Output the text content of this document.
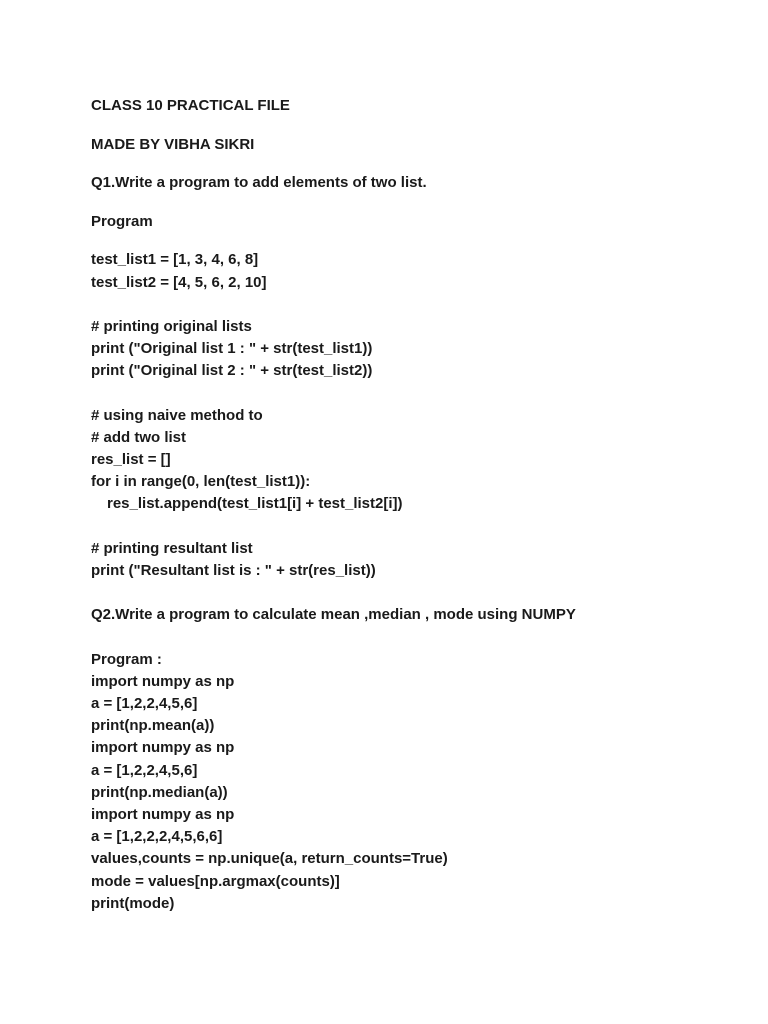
CLASS 10 PRACTICAL FILE
MADE BY VIBHA SIKRI
Q1.Write a program to add elements of two list.
Program
test_list1 = [1, 3, 4, 6, 8]
test_list2 = [4, 5, 6, 2, 10]
# printing original lists
print ("Original list 1 : " + str(test_list1))
print ("Original list 2 : " + str(test_list2))
# using naive method to
# add two list
res_list = []
for i in range(0, len(test_list1)):
res_list.append(test_list1[i] + test_list2[i])
# printing resultant list
print ("Resultant list is : " + str(res_list))
Q2.Write a program to calculate mean ,median , mode using NUMPY
Program :
import numpy as np
a = [1,2,2,4,5,6]
print(np.mean(a))
import numpy as np
a = [1,2,2,4,5,6]
print(np.median(a))
import numpy as np
a = [1,2,2,2,4,5,6,6]
values,counts = np.unique(a, return_counts=True)
mode = values[np.argmax(counts)]
print(mode)
